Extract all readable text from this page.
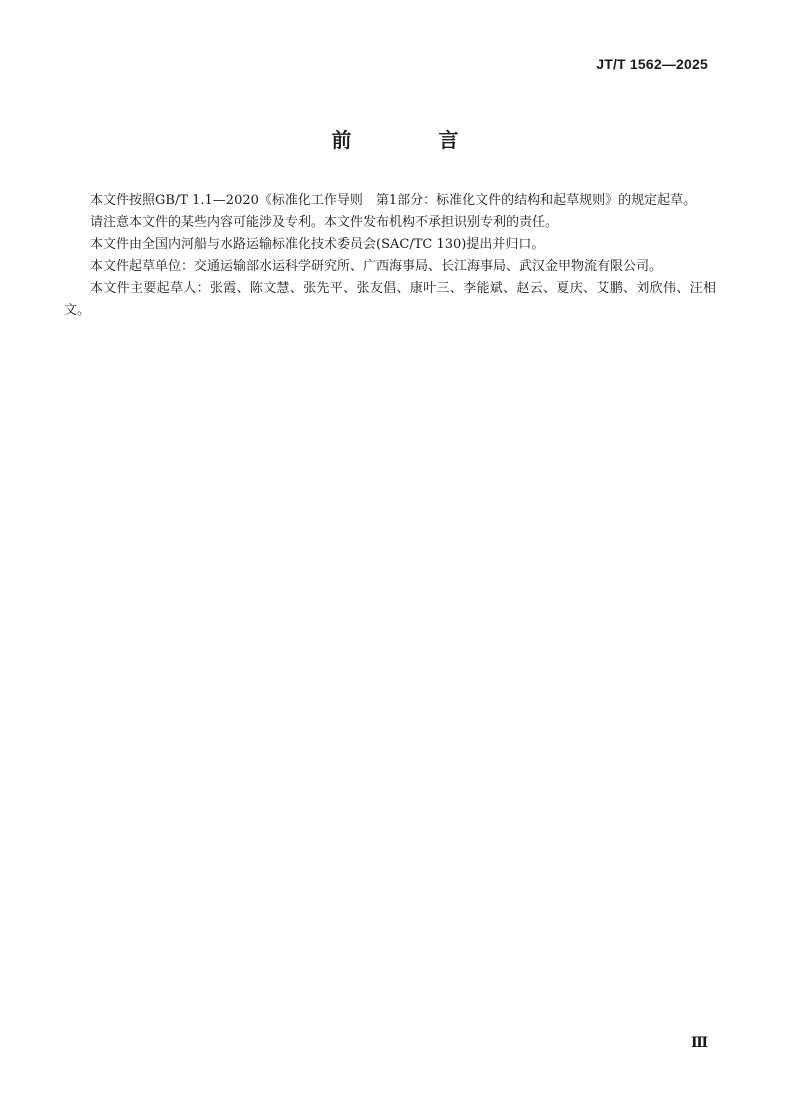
JT/T 1562—2025
前 言

本文件按照GB/T 1.1—2020《标准化工作导则　第1部分：标准化文件的结构和起草规则》的规定起草。

请注意本文件的某些内容可能涉及专利。本文件发布机构不承担识别专利的责任。

本文件由全国内河船与水路运输标准化技术委员会(SAC/TC 130)提出并归口。

本文件起草单位：交通运输部水运科学研究所、广西海事局、长江海事局、武汉金甲物流有限公司。

本文件主要起草人：张霞、陈文慧、张先平、张友倡、康叶三、李能斌、赵云、夏庆、艾鹏、刘欣伟、汪相文。

Ⅲ
